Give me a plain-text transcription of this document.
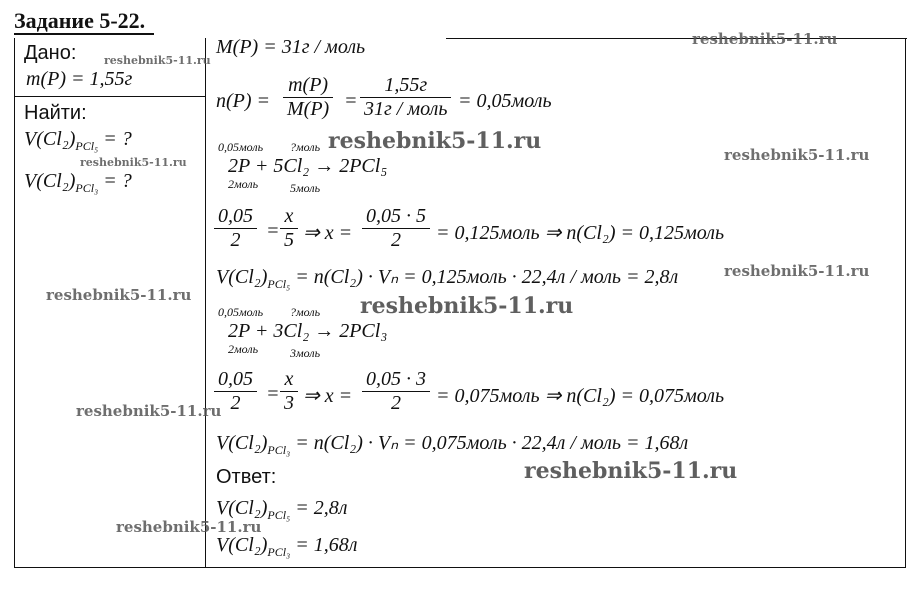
Задание 5-22.
Дано:
m(P) = 1,55г
Найти:
$V(Cl_2)_{PCl_5}$ = ?
$V(Cl_2)_{PCl_3}$ = ?
M(P) = 31г / моль
n(P) =
m(P)
M(P) =
1,55г
31г / моль = 0,05моль
0,05моль ?моль
2P + 5Cl₂ → 2PCl₅
2моль	5моль
0,05
2	=
x
5 ⇒ x =
0,05 · 5
2	= 0,125моль ⇒ n(Cl₂) = 0,125моль
$V(Cl_2)_{PCl_5} = n(Cl_2) \cdot V_n$ = 0,125моль · 22,4л / моль = 2,8л
0,05моль ?моль
2P + 3Cl₂ → 2PCl₃
2моль	3моль
0,05
2	=
x
3 ⇒ x =
0,05 · 3
2	= 0,075моль ⇒ n(Cl₂) = 0,075моль
$V(Cl_2)_{PCl_3} = n(Cl_2) \cdot V_n$ = 0,075моль · 22,4л / моль = 1,68л
Ответ:
$V(Cl_2)_{PCl_5} = 2,8л$
$V(Cl_2)_{PCl_3} = 1,68л$
reshebnik5-11.ru
reshebnik5-11.ru
reshebnik5-11.ru
reshebnik5-11.ru
reshebnik5-11.ru
reshebnik5-11.ru
reshebnik5-11.ru	reshebnik5-11.ru
reshebnik5-11.ru
reshebnik5-11.ru
reshebnik5-11.ru
